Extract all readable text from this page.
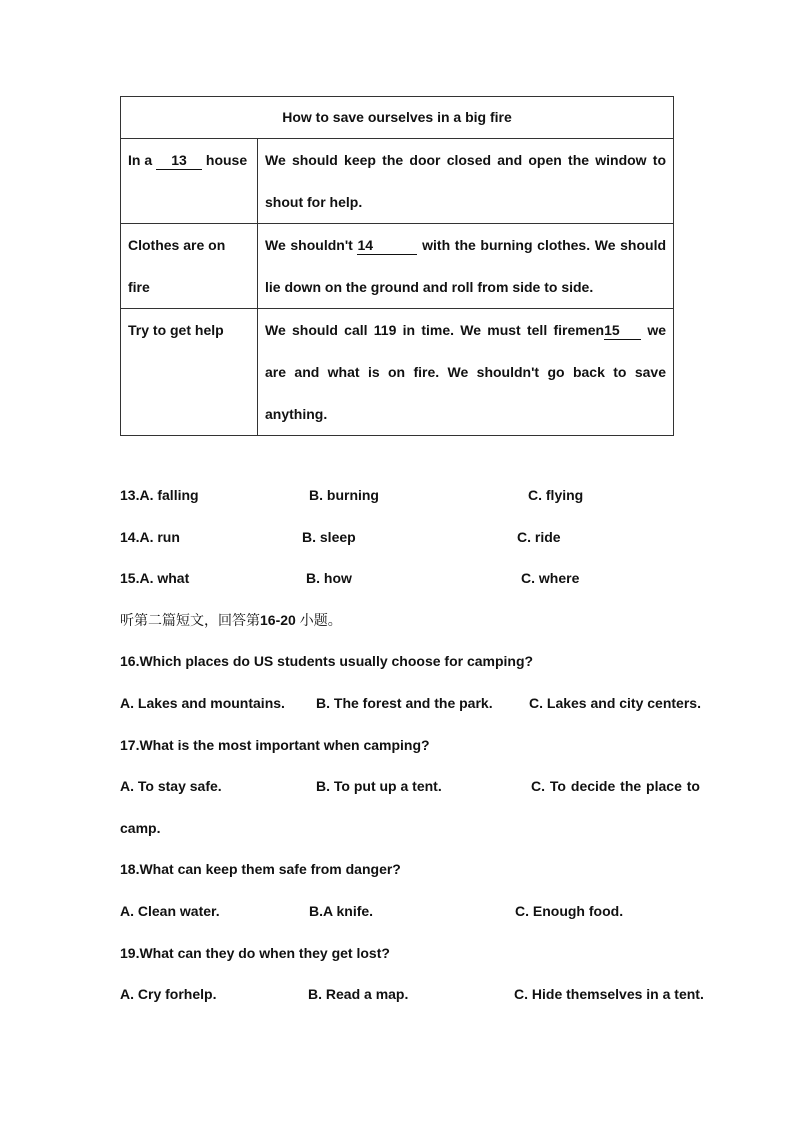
How to save ourselves in a big fire	
In a 13 house	We should keep the door closed and open the window to shout for help.
Clothes are on fire	We shouldn't 14 with the burning clothes. We should lie down on the ground and roll from side to side.
Try to get help	We should call 119 in time. We must tell firemen15 we are and what is on fire. We shouldn't go back to save anything.
13.A. falling	B. burning	C. flying
14.A. run	B. sleep	C. ride
15.A. what	B. how	C. where
听第二篇短文，回答第16-20 小题。
16.Which places do US students usually choose for camping?
A. Lakes and mountains. B. The forest and the park.	C. Lakes and city centers.
17.What is the most important when camping?
A. To stay safe.	B. To put up a tent.	C. To decide the place to
camp.
18.What can keep them safe from danger?
A. Clean water.	B.A knife.	C. Enough food.
19.What can they do when they get lost?
A. Cry forhelp.	B. Read a map.	C. Hide themselves in a tent.
